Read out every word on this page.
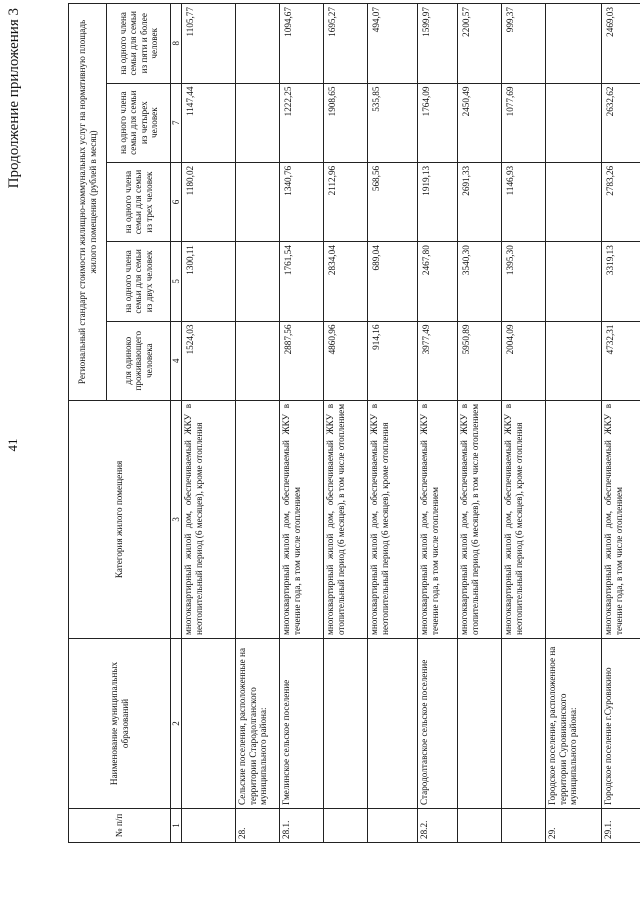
41
Продолжение приложения 3
№ п/п	Наименование муниципальных образований	Категория жилого помещения	Региональный стандарт стоимости жилищно-коммунальных услуг на нормативную площадь жилого помещения (рублей в месяц)				
			для одиноко проживающего человека	на одного члена семьи для семьи из двух человек	на одного члена семьи для семьи из трех человек	на одного члена семьи для семьи из четырех человек	на одного члена семьи для семьи из пяти и более человек
1	2	3	4	5	6	7	8
		многоквартирный жилой дом, обеспечиваемый ЖКУ в неотопительный период (6 месяцев), кроме отопления	1524,03	1300,11	1180,02	1147,44	1105,77
28.	Сельские поселения, расположенные на территории Стародолганского муниципального района:						
28.1.	Гмелинское сельское поселение	многоквартирный жилой дом, обеспечиваемый ЖКУ в течение года, в том числе отоплением	2887,56	1761,54	1340,76	1222,25	1094,67
		многоквартирный жилой дом, обеспечиваемый ЖКУ в отопительный период (6 месяцев), в том числе отоплением	4860,96	2834,04	2112,96	1908,65	1695,27
		многоквартирный жилой дом, обеспечиваемый ЖКУ в неотопительный период (6 месяцев), кроме отопления	914,16	689,04	568,56	535,85	494,07
28.2.	Стародолтавское сельское поселение	многоквартирный жилой дом, обеспечиваемый ЖКУ в течение года, в том числе отоплением	3977,49	2467,80	1919,13	1764,09	1599,97
		многоквартирный жилой дом, обеспечиваемый ЖКУ в отопительный период (6 месяцев), в том числе отоплением	5950,89	3540,30	2691,33	2450,49	2200,57
		многоквартирный жилой дом, обеспечиваемый ЖКУ в неотопительный период (6 месяцев), кроме отопления	2004,09	1395,30	1146,93	1077,69	999,37
29.	Городское поселение, расположенное на территории Суровикинского муниципального района:						
29.1.	Городское поселение г.Суровикино	многоквартирный жилой дом, обеспечиваемый ЖКУ в течение года, в том числе отоплением	4732,31	3319,13	2783,26	2632,62	2469,03
